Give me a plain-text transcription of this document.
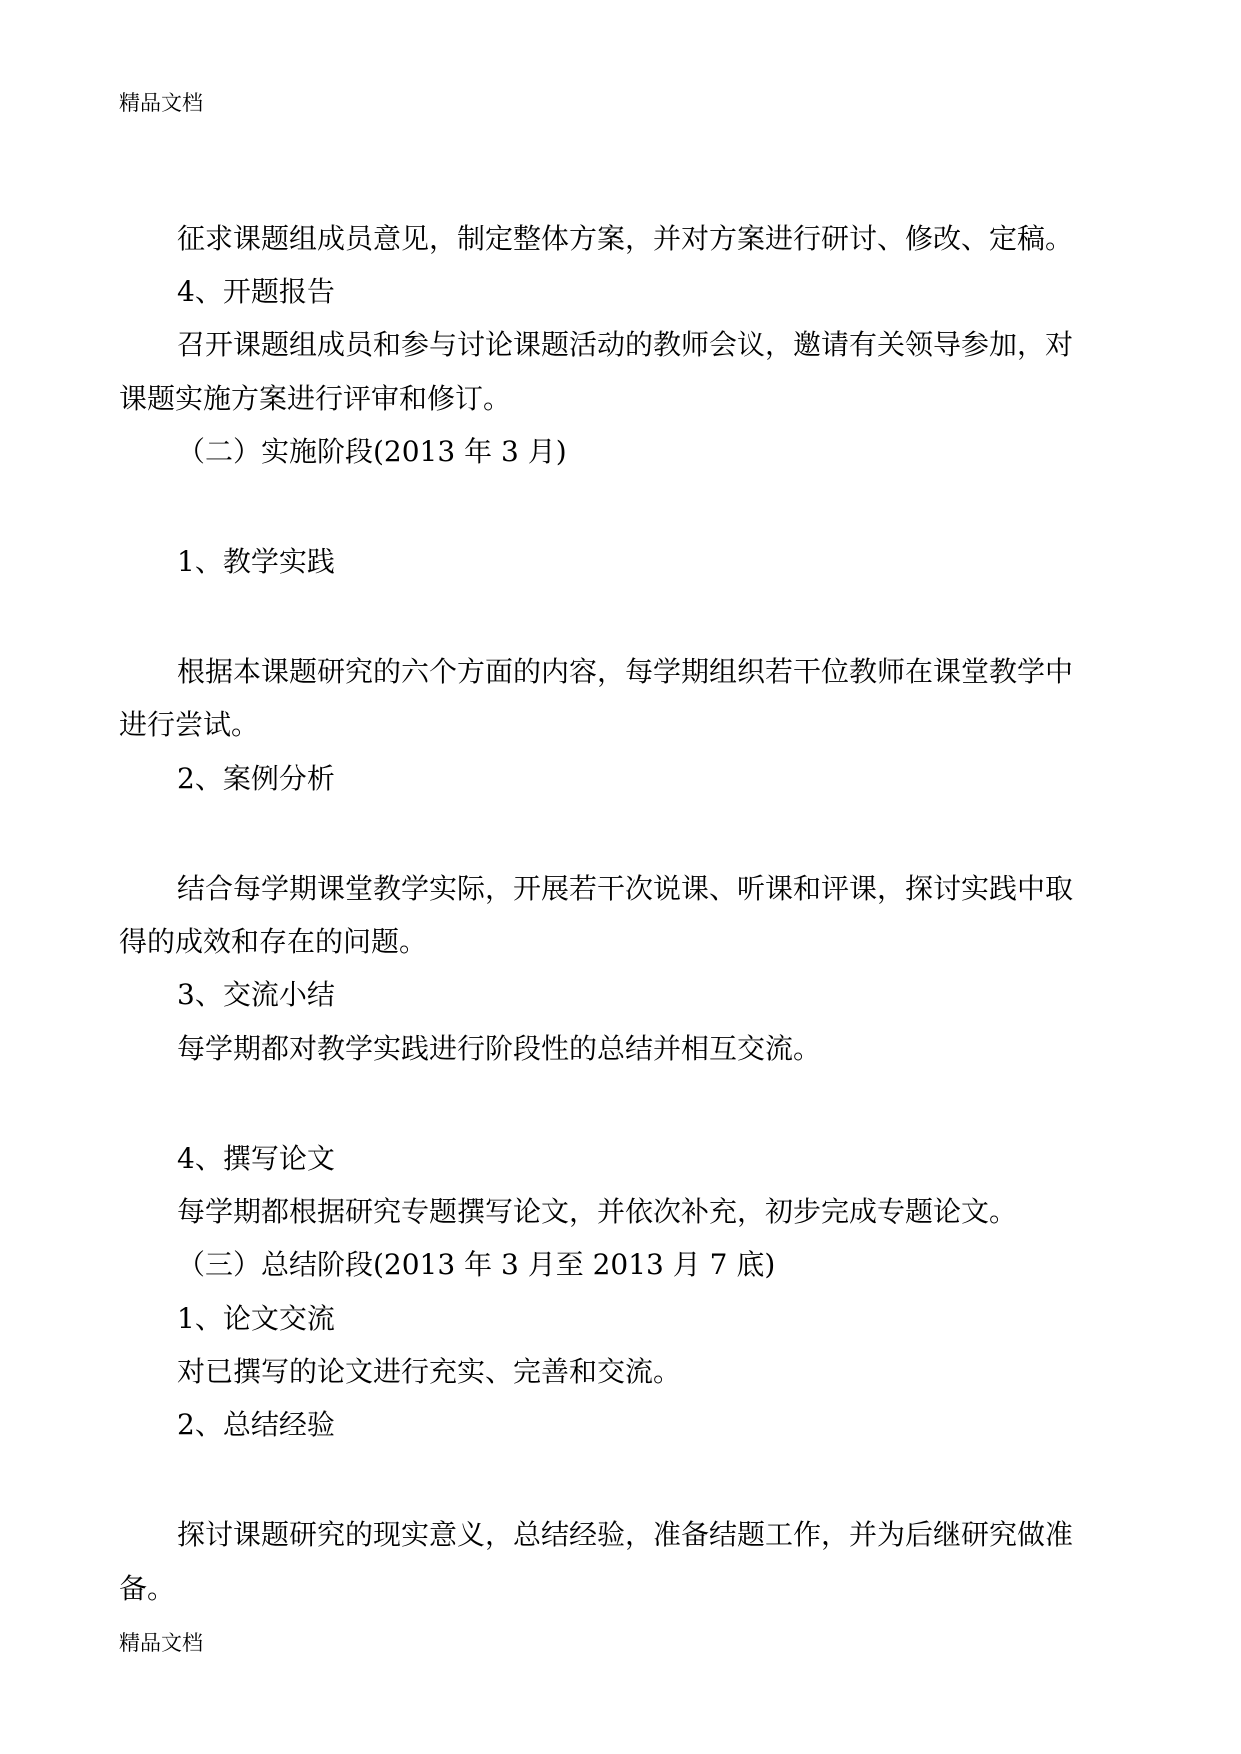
精品文档
征求课题组成员意见，制定整体方案，并对方案进行研讨、修改、定稿。
4、开题报告
召开课题组成员和参与讨论课题活动的教师会议，邀请有关领导参加，对
课题实施方案进行评审和修订。
（二）实施阶段(2013 年 3 月)
1、教学实践
根据本课题研究的六个方面的内容，每学期组织若干位教师在课堂教学中
进行尝试。
2、案例分析
结合每学期课堂教学实际，开展若干次说课、听课和评课，探讨实践中取
得的成效和存在的问题。
3、交流小结
每学期都对教学实践进行阶段性的总结并相互交流。
4、撰写论文
每学期都根据研究专题撰写论文，并依次补充，初步完成专题论文。
（三）总结阶段(2013 年 3 月至 2013 月 7 底)
1、论文交流
对已撰写的论文进行充实、完善和交流。
2、总结经验
探讨课题研究的现实意义，总结经验，准备结题工作，并为后继研究做准
备。
精品文档
